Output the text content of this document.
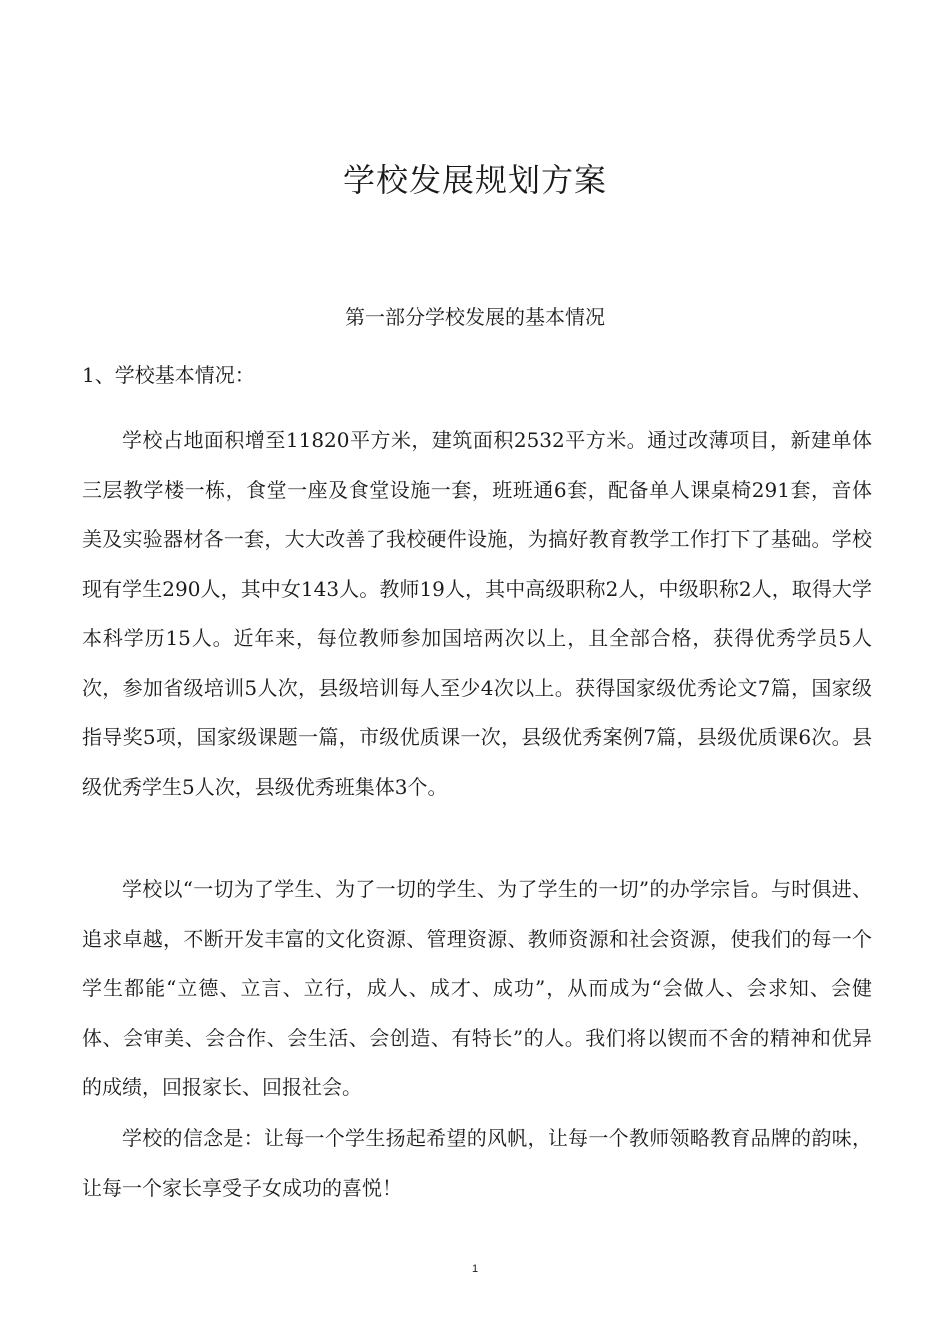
学校发展规划方案
第一部分学校发展的基本情况
1、学校基本情况：

学校占地面积增至11820平方米，建筑面积2532平方米。通过改薄项目，新建单体三层教学楼一栋，食堂一座及食堂设施一套，班班通6套，配备单人课桌椅291套，音体美及实验器材各一套，大大改善了我校硬件设施，为搞好教育教学工作打下了基础。学校现有学生290人，其中女143人。教师19人，其中高级职称2人，中级职称2人，取得大学本科学历15人。近年来，每位教师参加国培两次以上，且全部合格，获得优秀学员5人次，参加省级培训5人次，县级培训每人至少4次以上。获得国家级优秀论文7篇，国家级指导奖5项，国家级课题一篇，市级优质课一次，县级优秀案例7篇，县级优质课6次。县级优秀学生5人次，县级优秀班集体3个。

学校以“一切为了学生、为了一切的学生、为了学生的一切”的办学宗旨。与时俱进、追求卓越，不断开发丰富的文化资源、管理资源、教师资源和社会资源，使我们的每一个学生都能“立德、立言、立行，成人、成才、成功”，从而成为“会做人、会求知、会健体、会审美、会合作、会生活、会创造、有特长”的人。我们将以锲而不舍的精神和优异的成绩，回报家长、回报社会。

学校的信念是：让每一个学生扬起希望的风帆，让每一个教师领略教育品牌的韵味，让每一个家长享受子女成功的喜悦！

1
